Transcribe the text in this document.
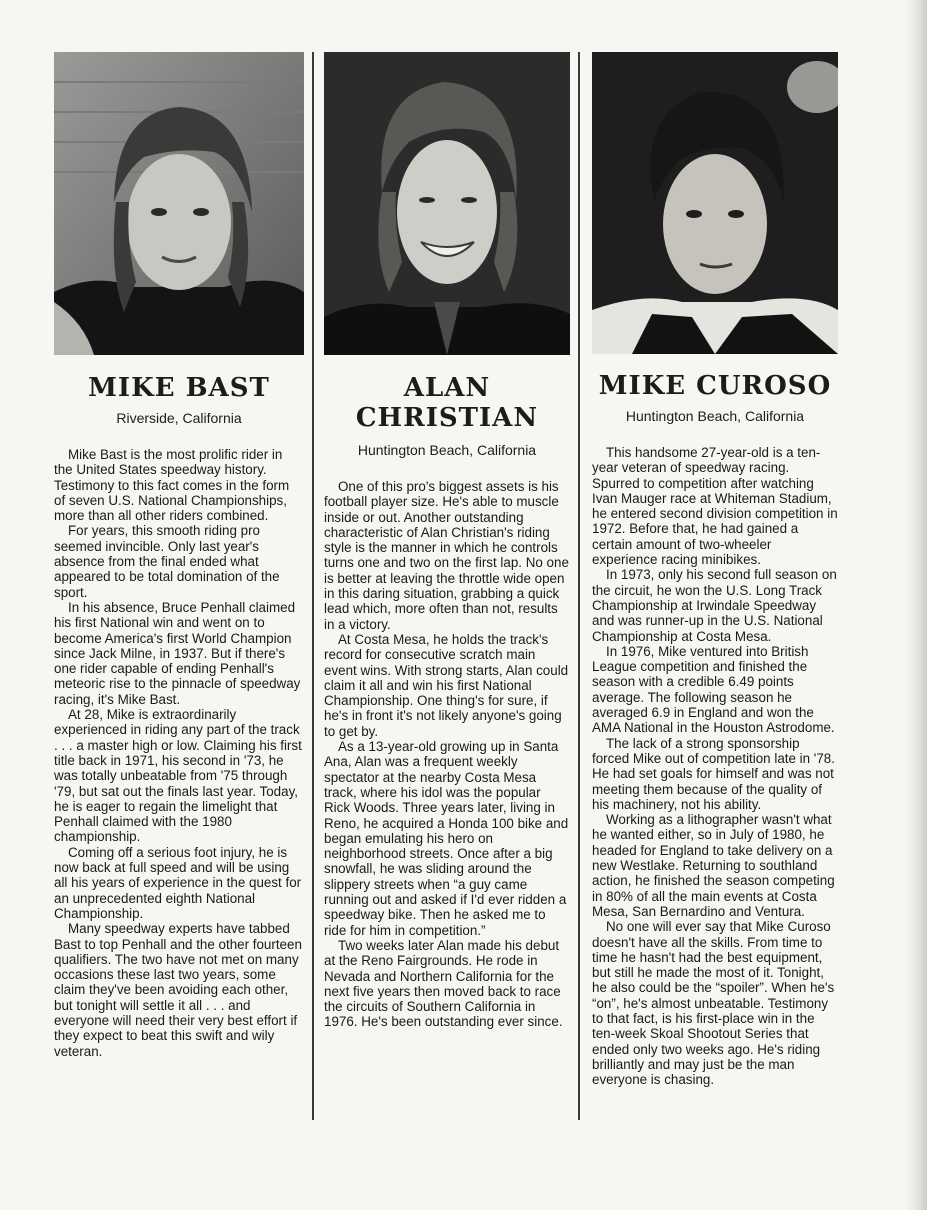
MIKE BAST

Riverside, California

Mike Bast is the most prolific rider in the United States speedway history. Testimony to this fact comes in the form of seven U.S. National Championships, more than all other riders combined.

For years, this smooth riding pro seemed invincible. Only last year's absence from the final ended what appeared to be total domination of the sport.

In his absence, Bruce Penhall claimed his first National win and went on to become America's first World Champion since Jack Milne, in 1937. But if there's one rider capable of ending Penhall's meteoric rise to the pinnacle of speedway racing, it's Mike Bast.

At 28, Mike is extraordinarily experienced in riding any part of the track . . . a master high or low. Claiming his first title back in 1971, his second in '73, he was totally unbeatable from '75 through '79, but sat out the finals last year. Today, he is eager to regain the limelight that Penhall claimed with the 1980 championship.

Coming off a serious foot injury, he is now back at full speed and will be using all his years of experience in the quest for an unprecedented eighth National Championship.

Many speedway experts have tabbed Bast to top Penhall and the other fourteen qualifiers. The two have not met on many occasions these last two years, some claim they've been avoiding each other, but tonight will settle it all . . . and everyone will need their very best effort if they expect to beat this swift and wily veteran.

ALAN CHRISTIAN

Huntington Beach, California

One of this pro's biggest assets is his football player size. He's able to muscle inside or out. Another outstanding characteristic of Alan Christian's riding style is the manner in which he controls turns one and two on the first lap. No one is better at leaving the throttle wide open in this daring situation, grabbing a quick lead which, more often than not, results in a victory.

At Costa Mesa, he holds the track's record for consecutive scratch main event wins. With strong starts, Alan could claim it all and win his first National Championship. One thing's for sure, if he's in front it's not likely anyone's going to get by.

As a 13-year-old growing up in Santa Ana, Alan was a frequent weekly spectator at the nearby Costa Mesa track, where his idol was the popular Rick Woods. Three years later, living in Reno, he acquired a Honda 100 bike and began emulating his hero on neighborhood streets. Once after a big snowfall, he was sliding around the slippery streets when “a guy came running out and asked if I'd ever ridden a speedway bike. Then he asked me to ride for him in competition.”

Two weeks later Alan made his debut at the Reno Fairgrounds. He rode in Nevada and Northern California for the next five years then moved back to race the circuits of Southern California in 1976. He's been outstanding ever since.

MIKE CUROSO

Huntington Beach, California

This handsome 27-year-old is a ten-year veteran of speedway racing. Spurred to competition after watching Ivan Mauger race at Whiteman Stadium, he entered second division competition in 1972. Before that, he had gained a certain amount of two-wheeler experience racing minibikes.

In 1973, only his second full season on the circuit, he won the U.S. Long Track Championship at Irwindale Speedway and was runner-up in the U.S. National Championship at Costa Mesa.

In 1976, Mike ventured into British League competition and finished the season with a credible 6.49 points average. The following season he averaged 6.9 in England and won the AMA National in the Houston Astrodome.

The lack of a strong sponsorship forced Mike out of competition late in '78. He had set goals for himself and was not meeting them because of the quality of his machinery, not his ability.

Working as a lithographer wasn't what he wanted either, so in July of 1980, he headed for England to take delivery on a new Westlake. Returning to southland action, he finished the season competing in 80% of all the main events at Costa Mesa, San Bernardino and Ventura.

No one will ever say that Mike Curoso doesn't have all the skills. From time to time he hasn't had the best equipment, but still he made the most of it. Tonight, he also could be the “spoiler”. When he's “on”, he's almost unbeatable. Testimony to that fact, is his first-place win in the ten-week Skoal Shootout Series that ended only two weeks ago. He's riding brilliantly and may just be the man everyone is chasing.
